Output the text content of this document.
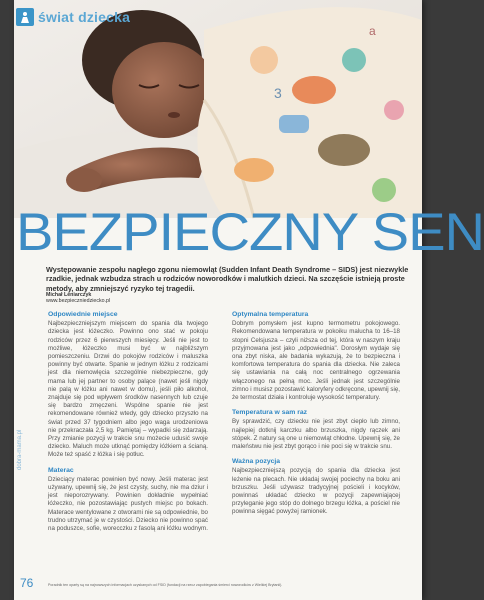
3
a
świat dziecka
BEZPIECZNY SEN
Występowanie zespołu nagłego zgonu niemowląt (Sudden Infant Death Syndrome – SIDS) jest niezwykle rzadkie, jednak wzbudza strach u rodziców noworodków i malutkich dzieci. Na szczęście istnieją proste metody, aby zmniejszyć ryzyko tej tragedii.
Michał Leniarczyk
www.bezpieczniedziecko.pl
Odpowiednie miejsce

Najbezpieczniejszym miejscem do spania dla twojego dziecka jest łóżeczko. Powinno ono stać w pokoju rodziców przez 6 pierwszych miesięcy. Jeśli nie jest to możliwe, łóżeczko musi być w najbliższym pomieszczeniu. Drzwi do pokojów rodziców i maluszka powinny być otwarte. Spanie w jednym łóżku z rodzicami jest dla niemowlęcia szczególnie niebezpieczne, gdy mama lub jej partner to osoby palące (nawet jeśli nigdy nie palą w łóżku ani nawet w domu), jeśli piło alkohol, znajduje się pod wpływem środków nasennych lub czuje się bardzo zmęczeni. Wspólne spanie nie jest rekomendowane również wtedy, gdy dziecko przyszło na świat przed 37 tygodniem albo jego waga urodzeniowa nie przekraczała 2,5 kg. Pamiętaj – wypadki się zdarzają. Przy zmianie pozycji w trakcie snu możecie udusić swoje dziecko. Maluch może utknąć pomiędzy łóżkiem a ścianą. Może też spaść z łóżka i się potłuc.

Materac

Dzieciący materac powinien być nowy. Jeśli materac jest używany, upewnij się, że jest czysty, suchy, nie ma dziur i jest nieporozrywany. Powinien dokładnie wypełniać łóżeczko, nie pozostawiając pustych miejsc po bokach. Materace wentylowane z otworami nie są odpowiednie, bo trudno utrzymać je w czystości. Dziecko nie powinno spać na poduszce, sofie, worecczku z fasolą ani łóżku wodnym.

Optymalna temperatura

Dobrym pomysłem jest kupno termometru pokojowego. Rekomendowana temperatura w pokoiku malucha to 16–18 stopni Celsjusza – czyli niższa od tej, która w naszym kraju przyjmowana jest jako „odpowiednia". Dorosłym wydaje się ona zbyt niska, ale badania wykazują, że to bezpieczna i komfortowa temperatura do spania dla dziecka. Nie zaleca się ustawiania na całą noc centralnego ogrzewania włączonego na pełną moc. Jeśli jednak jest szczególnie zimno i musisz pozostawić kaloryfery odkręcone, upewnij się, że termostat działa i kontroluje wysokość temperatury.

Temperatura w sam raz

By sprawdzić, czy dziecku nie jest zbyt ciepło lub zimno, najlepiej dotknij karczku albo brzuszka, nigdy rączek ani stópek. Z natury są one u niemowląt chłodne. Upewnij się, że maleństwu nie jest zbyt gorąco i nie poci się w trakcie snu.

Ważna pozycja

Najbezpieczniejszą pozycją do spania dla dziecka jest leżenie na plecach. Nie układaj swojej pociechy na boku ani brzuszku. Jeśli używasz tradycyjnej pościeli i kocyków, powinnaś układać dziecko w pozycji zapewniającej przyleganie jego stóp do dolnego brzegu łóżka, a pościel nie powinna sięgać powyżej ramionek.

dobra-mama.pl
76	Poradnik ten oparty są na najnowszych informacjach uzyskanych od FSID (fundacji na rzecz zapobiegania śmierci noworodków z Wielkiej Brytanii).
